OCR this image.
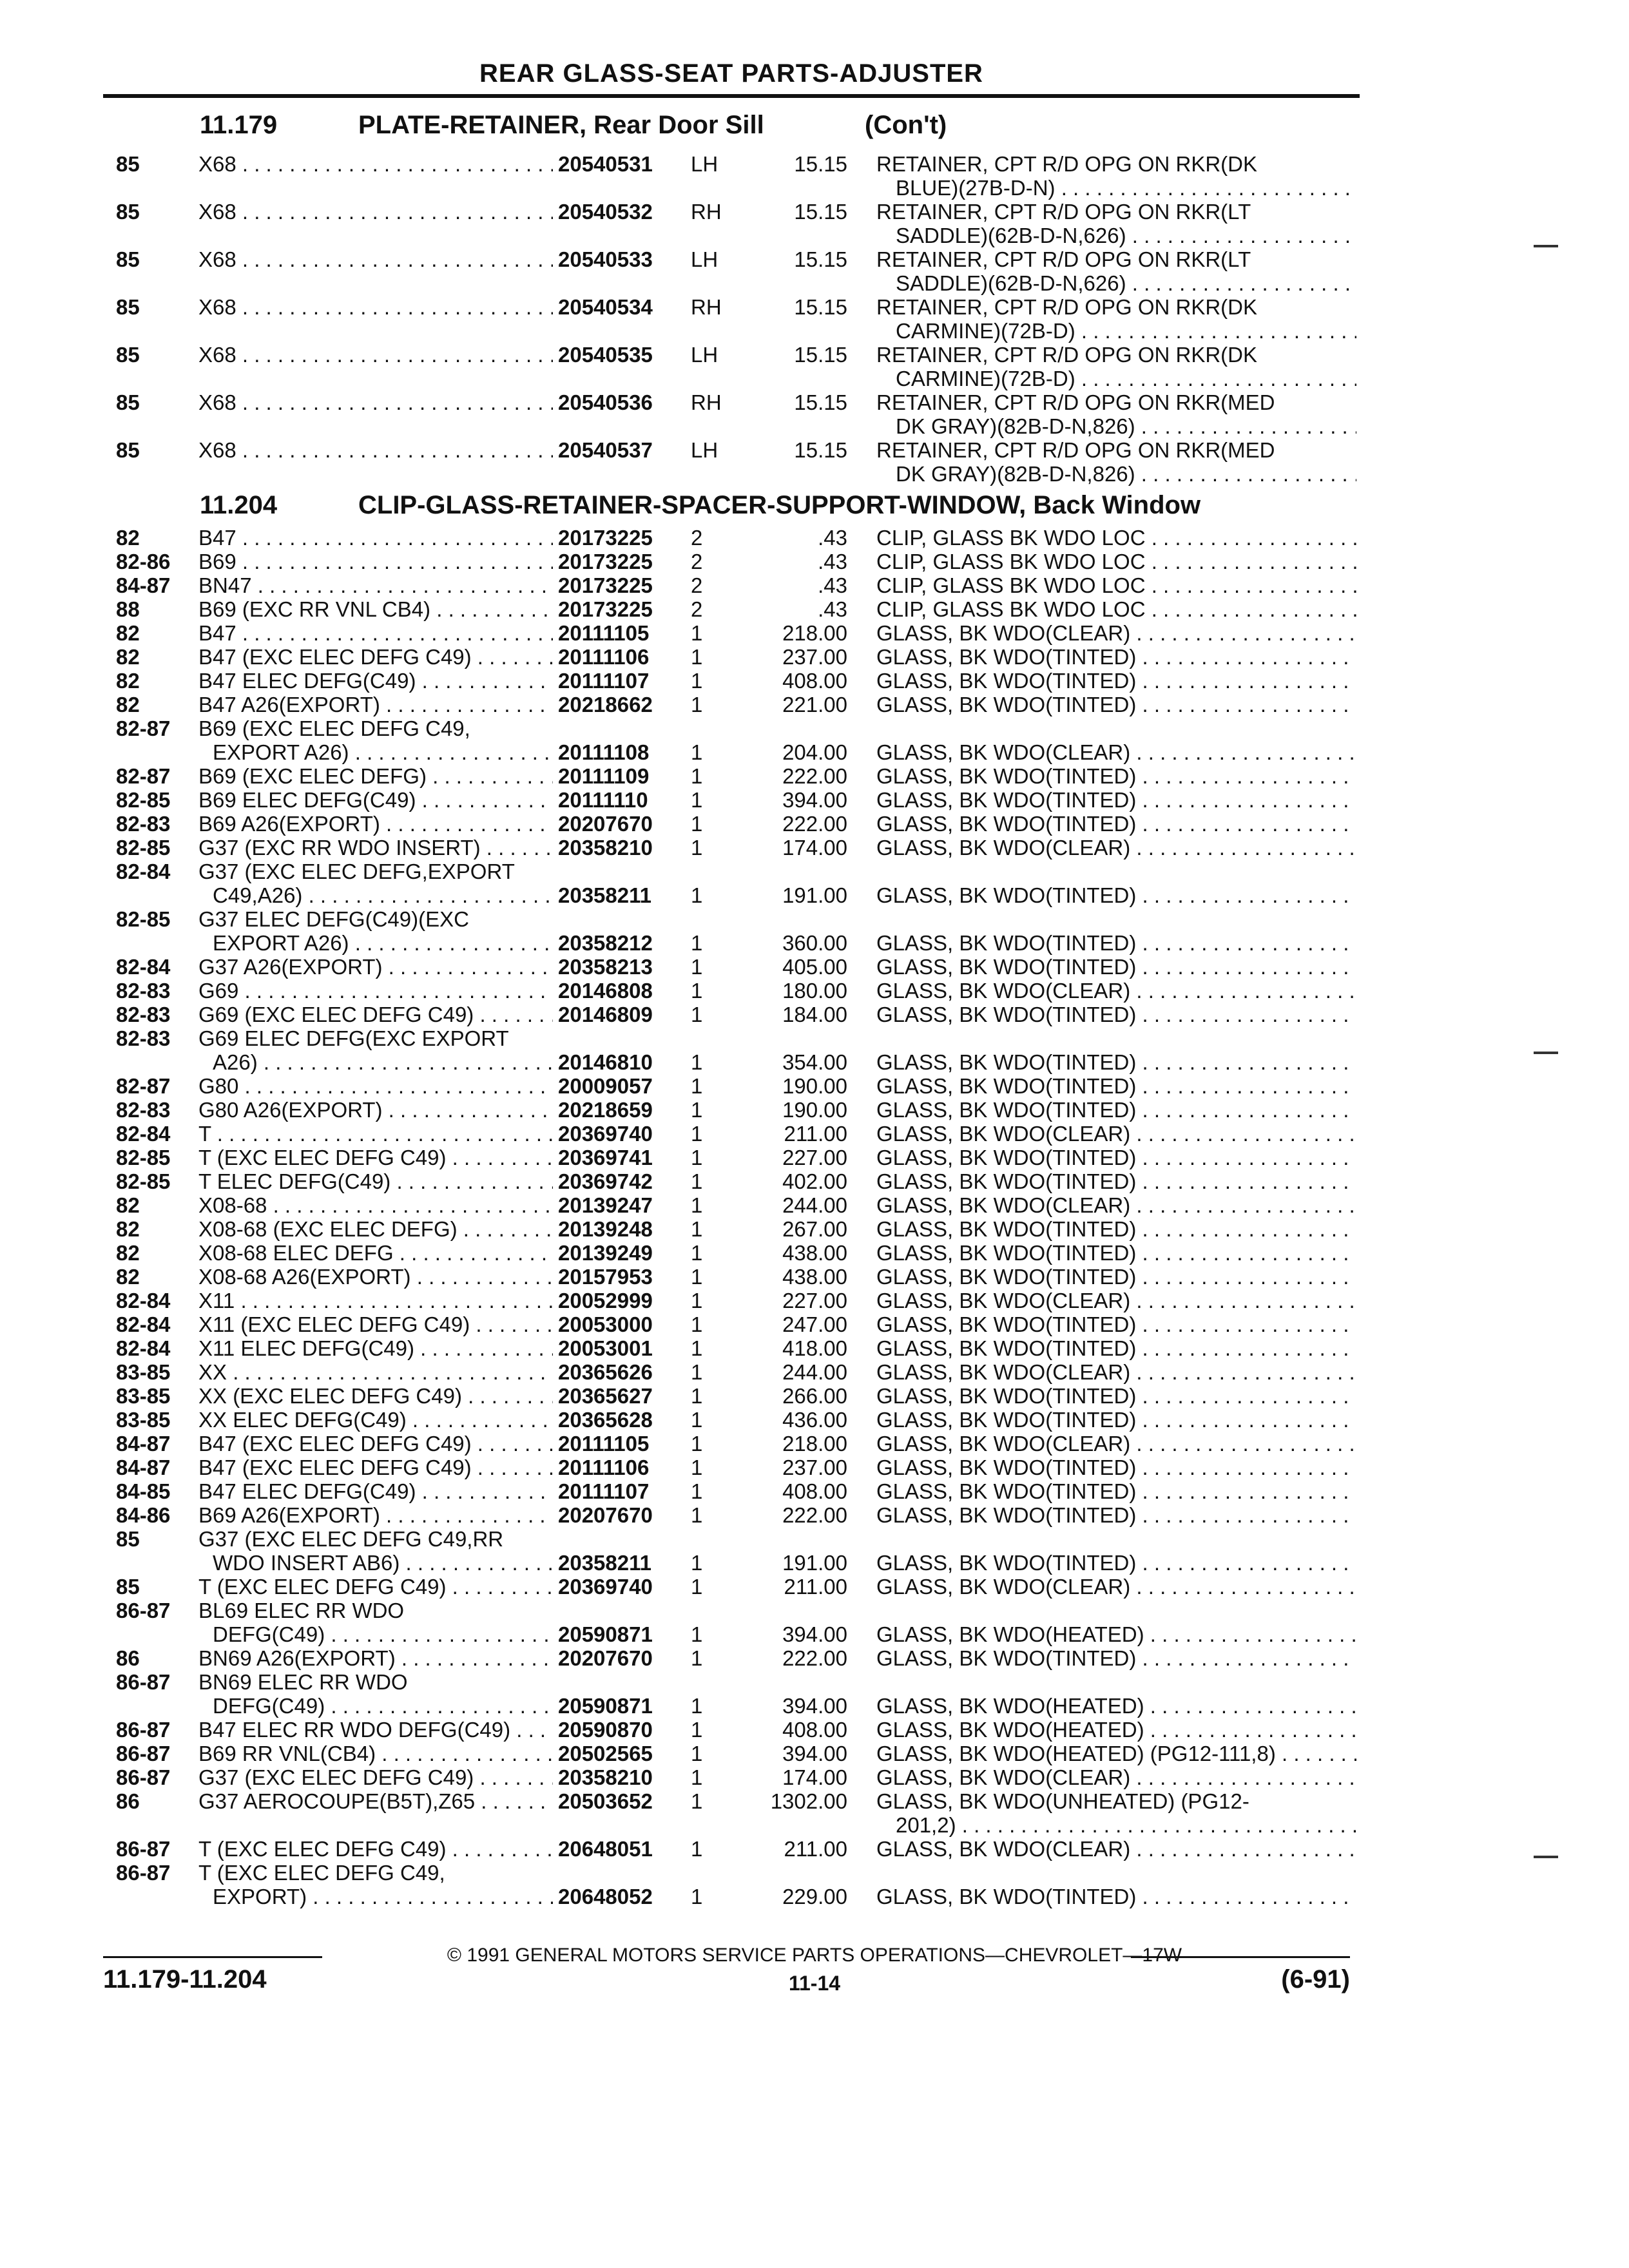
REAR GLASS-SEAT PARTS-ADJUSTER
11.179	PLATE-RETAINER, Rear Door Sill	(Con't)
85	X68 . . .	20540531 LH	15.15 RETAINER, CPT R/D OPG ON RKR(DK
BLUE)(27B-D-N) . . .
85	X68 . . .	20540532 RH	15.15 RETAINER, CPT R/D OPG ON RKR(LT
SADDLE)(62B-D-N,626) . . .
85	X68 . . .	20540533 LH	15.15 RETAINER, CPT R/D OPG ON RKR(LT
SADDLE)(62B-D-N,626) . . .
85	X68 . . .	20540534 RH	15.15 RETAINER, CPT R/D OPG ON RKR(DK
CARMINE)(72B-D) . . .
85	X68 . . .	20540535 LH	15.15 RETAINER, CPT R/D OPG ON RKR(DK
CARMINE)(72B-D) . . .
85	X68 . . .	20540536 RH	15.15 RETAINER, CPT R/D OPG ON RKR(MED
DK GRAY)(82B-D-N,826) . . .
85	X68 . . .	20540537 LH	15.15 RETAINER, CPT R/D OPG ON RKR(MED
DK GRAY)(82B-D-N,826) . . .
11.204	CLIP-GLASS-RETAINER-SPACER-SUPPORT-WINDOW, Back Window
82	B47 . . .	20173225 2	.43 CLIP, GLASS BK WDO LOC . . .
82-86 B69 . . .	20173225 2	.43 CLIP, GLASS BK WDO LOC . . .
84-87 BN47 . . .	20173225 2	.43 CLIP, GLASS BK WDO LOC . . .
88	B69 (EXC RR VNL CB4) . . .	20173225 2	.43 CLIP, GLASS BK WDO LOC . . .
82	B47 . . .	20111105 1	218.00 GLASS, BK WDO(CLEAR) . . .
82	B47 (EXC ELEC DEFG C49) . . .	20111106 1	237.00 GLASS, BK WDO(TINTED) . . .
82	B47 ELEC DEFG(C49) . . .	20111107 1	408.00 GLASS, BK WDO(TINTED) . . .
82	B47 A26(EXPORT) . . .	20218662 1	221.00 GLASS, BK WDO(TINTED) . . .
82-87 B69 (EXC ELEC DEFG C49,
EXPORT A26) . . .	20111108 1	204.00 GLASS, BK WDO(CLEAR) . . .
82-87 B69 (EXC ELEC DEFG) . . .	20111109 1	222.00 GLASS, BK WDO(TINTED) . . .
82-85 B69 ELEC DEFG(C49) . . .	20111110 1	394.00 GLASS, BK WDO(TINTED) . . .
82-83 B69 A26(EXPORT) . . .	20207670 1	222.00 GLASS, BK WDO(TINTED) . . .
82-85 G37 (EXC RR WDO INSERT) . . .	20358210 1	174.00 GLASS, BK WDO(CLEAR) . . .
82-84 G37 (EXC ELEC DEFG,EXPORT
C49,A26) . . .	20358211 1	191.00 GLASS, BK WDO(TINTED) . . .
82-85 G37 ELEC DEFG(C49)(EXC
EXPORT A26) . . .	20358212 1	360.00 GLASS, BK WDO(TINTED) . . .
82-84 G37 A26(EXPORT) . . .	20358213 1	405.00 GLASS, BK WDO(TINTED) . . .
82-83 G69 . . .	20146808 1	180.00 GLASS, BK WDO(CLEAR) . . .
82-83 G69 (EXC ELEC DEFG C49) . . .	20146809 1	184.00 GLASS, BK WDO(TINTED) . . .
82-83 G69 ELEC DEFG(EXC EXPORT
A26) . . .	20146810 1	354.00 GLASS, BK WDO(TINTED) . . .
82-87 G80 . . .	20009057 1	190.00 GLASS, BK WDO(TINTED) . . .
82-83 G80 A26(EXPORT) . . .	20218659 1	190.00 GLASS, BK WDO(TINTED) . . .
82-84 T . . .	20369740 1	211.00 GLASS, BK WDO(CLEAR) . . .
82-85 T (EXC ELEC DEFG C49) . . .	20369741 1	227.00 GLASS, BK WDO(TINTED) . . .
82-85 T ELEC DEFG(C49) . . .	20369742 1	402.00 GLASS, BK WDO(TINTED) . . .
82	X08-68 . . .	20139247 1	244.00 GLASS, BK WDO(CLEAR) . . .
82	X08-68 (EXC ELEC DEFG) . . .	20139248 1	267.00 GLASS, BK WDO(TINTED) . . .
82	X08-68 ELEC DEFG . . .	20139249 1	438.00 GLASS, BK WDO(TINTED) . . .
82	X08-68 A26(EXPORT) . . .	20157953 1	438.00 GLASS, BK WDO(TINTED) . . .
82-84 X11 . . .	20052999 1	227.00 GLASS, BK WDO(CLEAR) . . .
82-84 X11 (EXC ELEC DEFG C49) . . .	20053000 1	247.00 GLASS, BK WDO(TINTED) . . .
82-84 X11 ELEC DEFG(C49) . . .	20053001 1	418.00 GLASS, BK WDO(TINTED) . . .
83-85 XX . . .	20365626 1	244.00 GLASS, BK WDO(CLEAR) . . .
83-85 XX (EXC ELEC DEFG C49) . . .	20365627 1	266.00 GLASS, BK WDO(TINTED) . . .
83-85 XX ELEC DEFG(C49) . . .	20365628 1	436.00 GLASS, BK WDO(TINTED) . . .
84-87 B47 (EXC ELEC DEFG C49) . . .	20111105 1	218.00 GLASS, BK WDO(CLEAR) . . .
84-87 B47 (EXC ELEC DEFG C49) . . .	20111106 1	237.00 GLASS, BK WDO(TINTED) . . .
84-85 B47 ELEC DEFG(C49) . . .	20111107 1	408.00 GLASS, BK WDO(TINTED) . . .
84-86 B69 A26(EXPORT) . . .	20207670 1	222.00 GLASS, BK WDO(TINTED) . . .
85	G37 (EXC ELEC DEFG C49,RR
WDO INSERT AB6) . . .	20358211 1	191.00 GLASS, BK WDO(TINTED) . . .
85	T (EXC ELEC DEFG C49) . . .	20369740 1	211.00 GLASS, BK WDO(CLEAR) . . .
86-87 BL69 ELEC RR WDO
DEFG(C49) . . .	20590871 1	394.00 GLASS, BK WDO(HEATED) . . .
86	BN69 A26(EXPORT) . . .	20207670 1	222.00 GLASS, BK WDO(TINTED) . . .
86-87 BN69 ELEC RR WDO
DEFG(C49) . . .	20590871 1	394.00 GLASS, BK WDO(HEATED) . . .
86-87 B47 ELEC RR WDO DEFG(C49) . . .	20590870 1	408.00 GLASS, BK WDO(HEATED) . . .
86-87 B69 RR VNL(CB4) . . .	20502565 1	394.00 GLASS, BK WDO(HEATED) (PG12-111,8) . . .
86-87 G37 (EXC ELEC DEFG C49) . . .	20358210 1	174.00 GLASS, BK WDO(CLEAR) . . .
86	G37 AEROCOUPE(B5T),Z65 . . .	20503652 1	1302.00 GLASS, BK WDO(UNHEATED) (PG12-
201,2) . . .
86-87 T (EXC ELEC DEFG C49) . . .	20648051 1	211.00 GLASS, BK WDO(CLEAR) . . .
86-87 T (EXC ELEC DEFG C49,
EXPORT) . . .	20648052 1	229.00 GLASS, BK WDO(TINTED) . . .
© 1991 GENERAL MOTORS SERVICE PARTS OPERATIONS—CHEVROLET—17W
11.179-11.204	11-14	(6-91)
